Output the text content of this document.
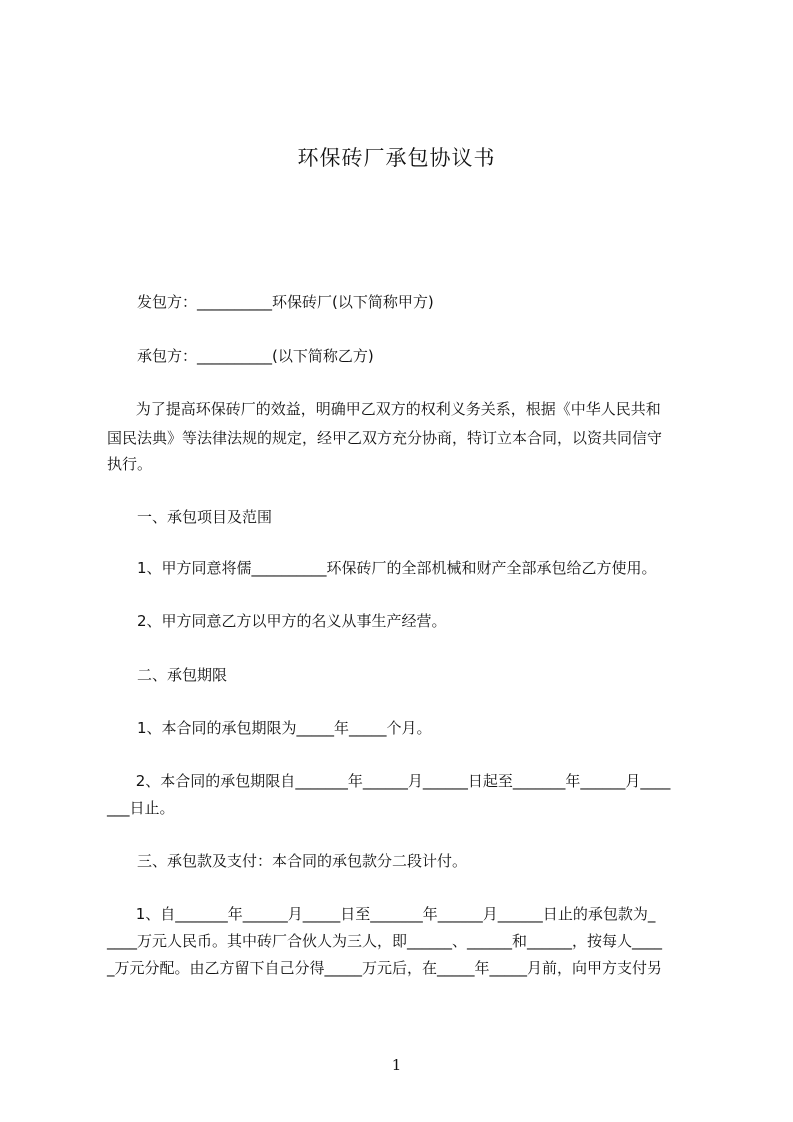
环保砖厂承包协议书
发包方：__________环保砖厂(以下简称甲方)
承包方：__________(以下简称乙方)
为了提高环保砖厂的效益，明确甲乙双方的权利义务关系，根据《中华人民共和
国民法典》等法律法规的规定，经甲乙双方充分协商，特订立本合同，以资共同信守
执行。
一、承包项目及范围
1、甲方同意将儒__________环保砖厂的全部机械和财产全部承包给乙方使用。
2、甲方同意乙方以甲方的名义从事生产经营。
二、承包期限
1、本合同的承包期限为_____年_____个月。
2、本合同的承包期限自_______年______月______日起至_______年______月____
___日止。
三、承包款及支付：本合同的承包款分二段计付。
1、自_______年______月_____日至_______年______月______日止的承包款为_
____万元人民币。其中砖厂合伙人为三人，即______、______和______，按每人____
_万元分配。由乙方留下自己分得_____万元后，在_____年_____月前，向甲方支付另
1
